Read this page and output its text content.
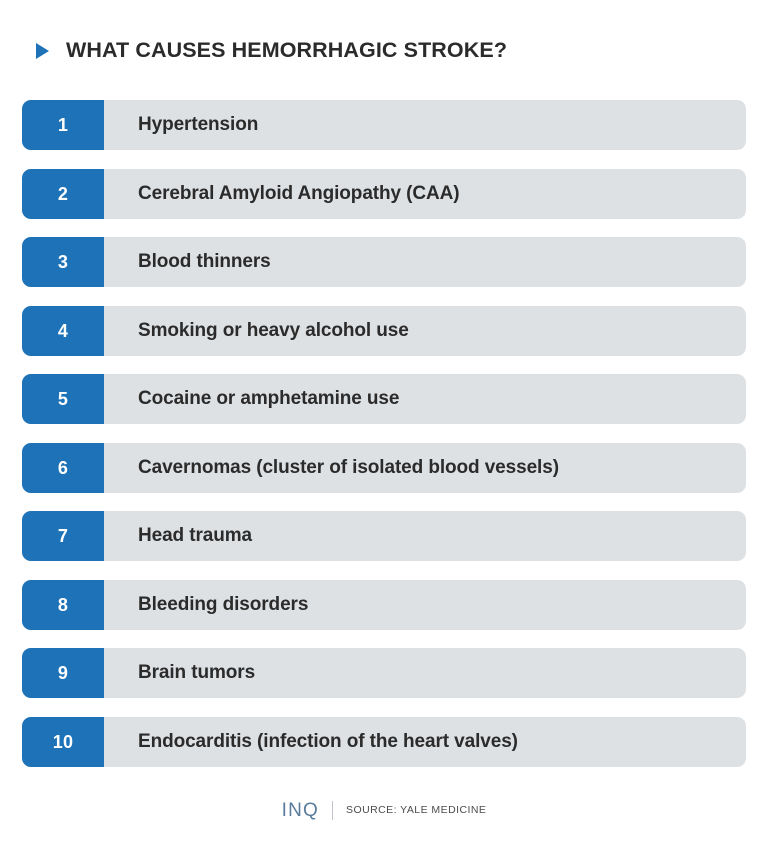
WHAT CAUSES HEMORRHAGIC STROKE?
1	Hypertension
2	Cerebral Amyloid Angiopathy (CAA)
3	Blood thinners
4	Smoking or heavy alcohol use
5	Cocaine or amphetamine use
6	Cavernomas (cluster of isolated blood vessels)
7	Head trauma
8	Bleeding disorders
9	Brain tumors
10	Endocarditis (infection of the heart valves)
INQ	SOURCE: YALE MEDICINE
